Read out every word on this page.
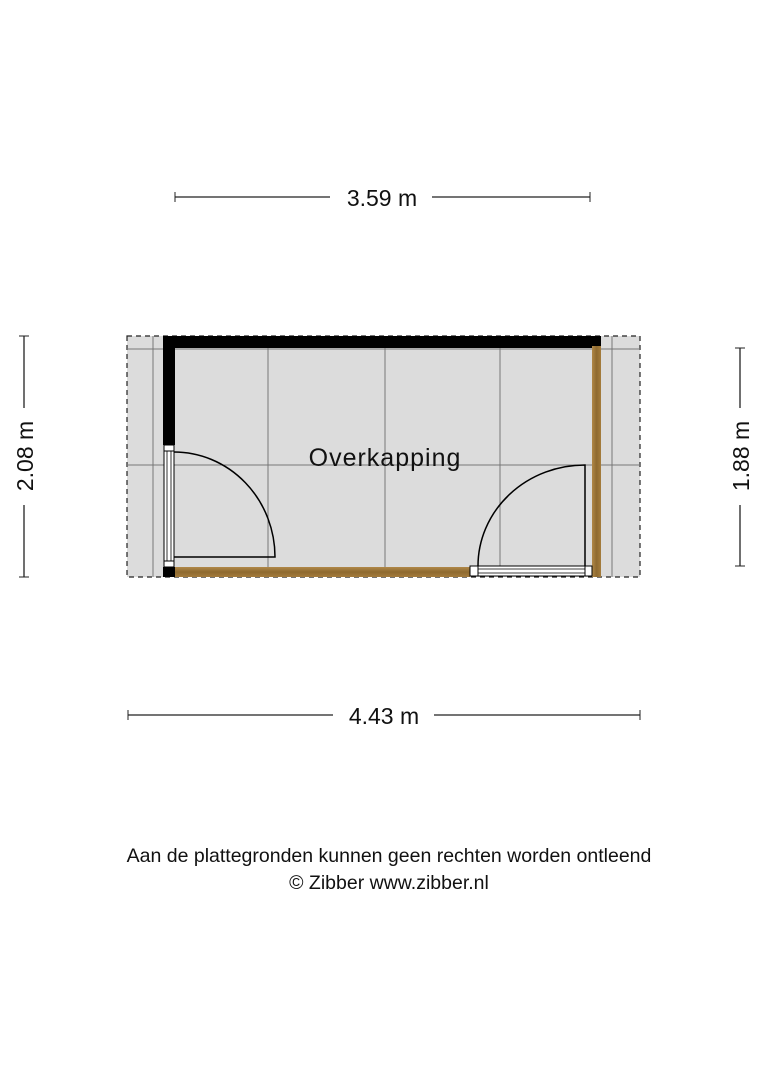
3.59 m
2.08 m	1.88 m
4.43 m
Overkapping
Aan de plattegronden kunnen geen rechten worden ontleend
© Zibber www.zibber.nl
